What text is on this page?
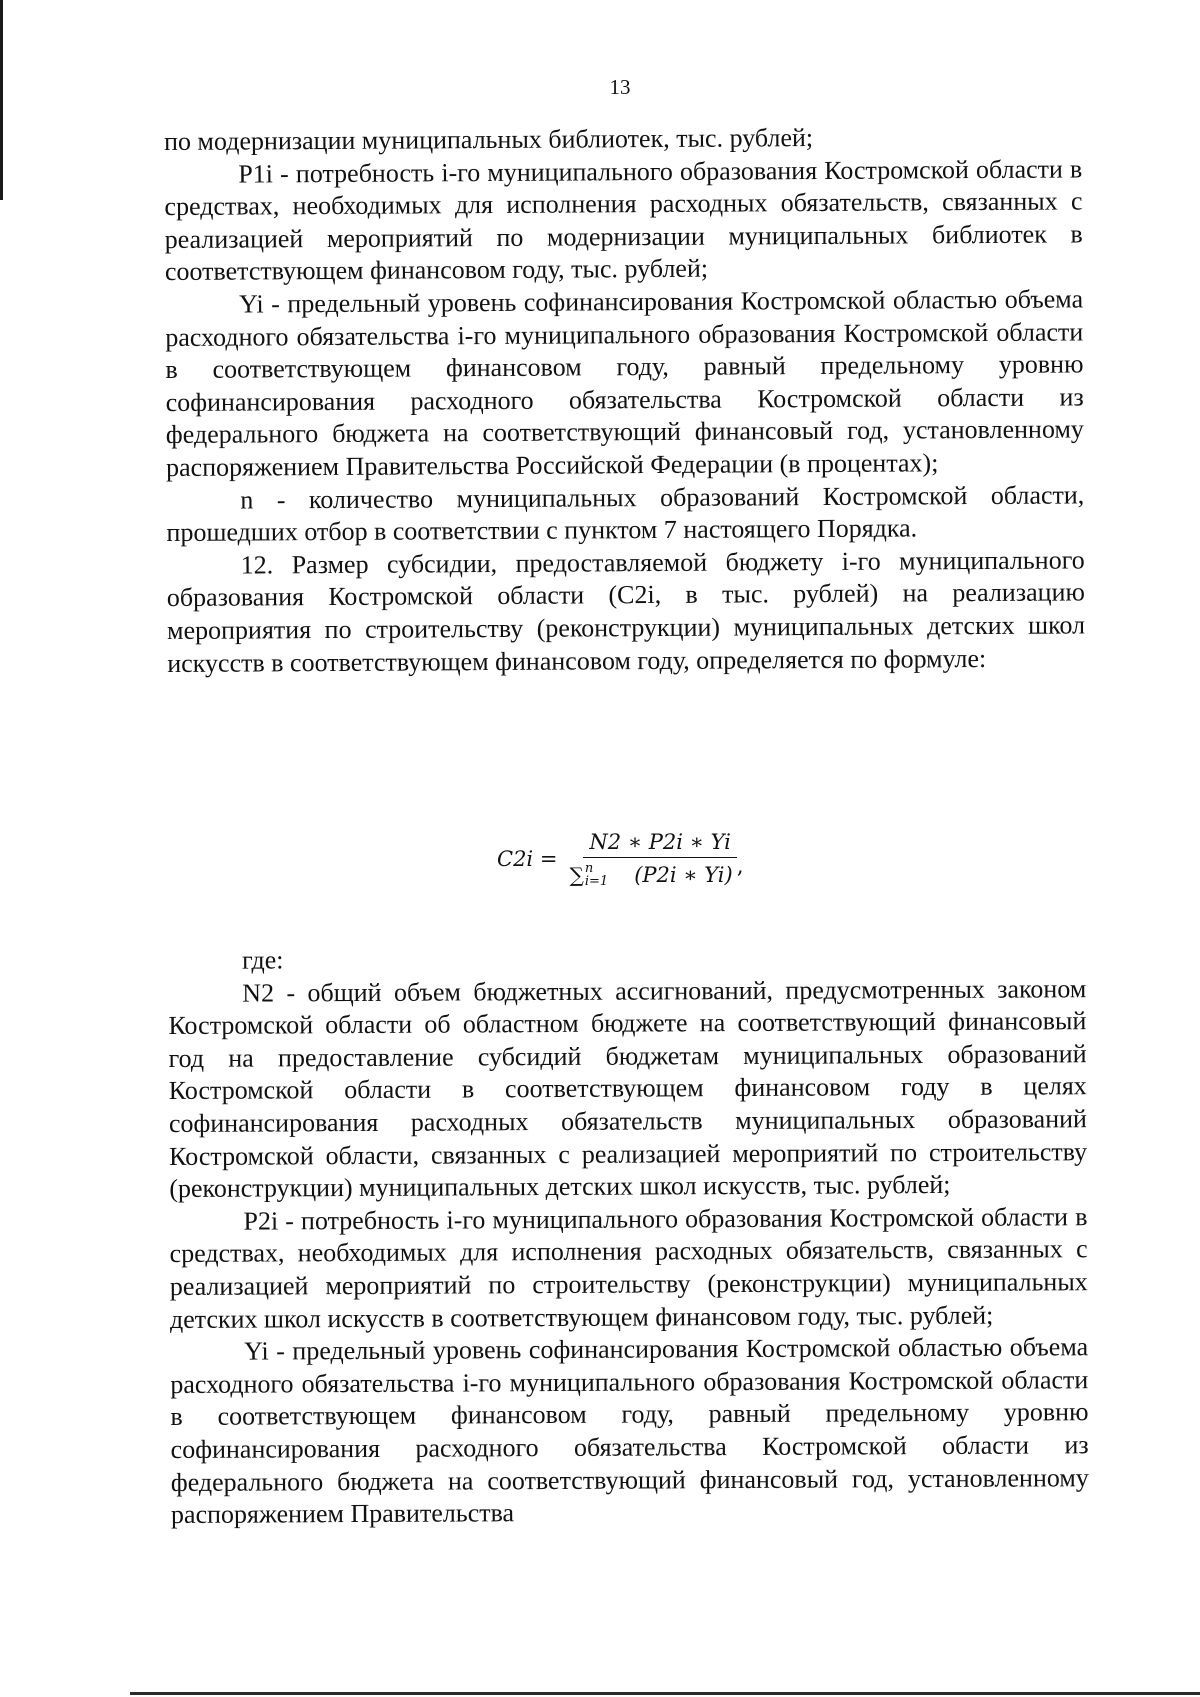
13

по модернизации муниципальных библиотек, тыс. рублей;

P1i - потребность i-го муниципального образования Костромской области в средствах, необходимых для исполнения расходных обязательств, связанных с реализацией мероприятий по модернизации муниципальных библиотек в соответствующем финансовом году, тыс. рублей;

Yi - предельный уровень софинансирования Костромской областью объема расходного обязательства i-го муниципального образования Костромской области в соответствующем финансовом году, равный предельному уровню софинансирования расходного обязательства Костромской области из федерального бюджета на соответствующий финансовый год, установленному распоряжением Правительства Российской Федерации (в процентах);

n - количество муниципальных образований Костромской области, прошедших отбор в соответствии с пунктом 7 настоящего Порядка.

12. Размер субсидии, предоставляемой бюджету i-го муниципального образования Костромской области (C2i, в тыс. рублей) на реализацию мероприятия по строительству (реконструкции) муниципальных детских школ искусств в соответствующем финансовом году, определяется по формуле:

C2i = N2 ∗ P2i ∗ Yi
∑ n
i=1 (P2i ∗ Yi) ,

где:

N2 - общий объем бюджетных ассигнований, предусмотренных законом Костромской области об областном бюджете на соответствующий финансовый год на предоставление субсидий бюджетам муниципальных образований Костромской области в соответствующем финансовом году в целях софинансирования расходных обязательств муниципальных образований Костромской области, связанных с реализацией мероприятий по строительству (реконструкции) муниципальных детских школ искусств, тыс. рублей;

P2i - потребность i-го муниципального образования Костромской области в средствах, необходимых для исполнения расходных обязательств, связанных с реализацией мероприятий по строительству (реконструкции) муниципальных детских школ искусств в соответствующем финансовом году, тыс. рублей;

Yi - предельный уровень софинансирования Костромской областью объема расходного обязательства i-го муниципального образования Костромской области в соответствующем финансовом году, равный предельному уровню софинансирования расходного обязательства Костромской области из федерального бюджета на соответствующий финансовый год, установленному распоряжением Правительства
